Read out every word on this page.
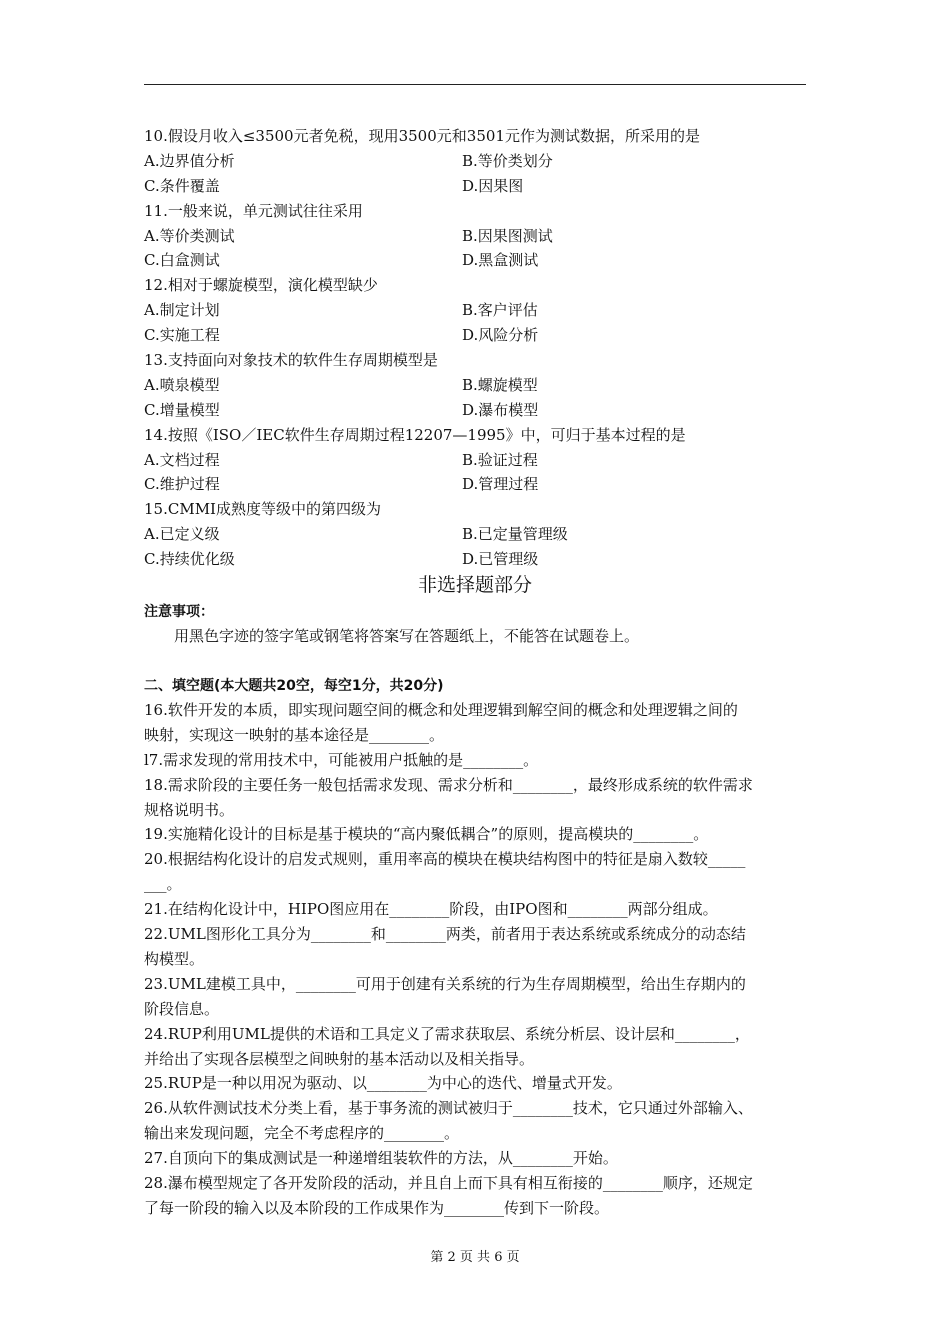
10.假设月收入≤3500元者免税，现用3500元和3501元作为测试数据，所采用的是
A.边界值分析	B.等价类划分
C.条件覆盖	D.因果图
11.一般来说，单元测试往往采用
A.等价类测试	B.因果图测试
C.白盒测试	D.黑盒测试
12.相对于螺旋模型，演化模型缺少
A.制定计划	B.客户评估
C.实施工程	D.风险分析
13.支持面向对象技术的软件生存周期模型是
A.喷泉模型	B.螺旋模型
C.增量模型	D.瀑布模型
14.按照《ISO／IEC软件生存周期过程12207—1995》中，可归于基本过程的是
A.文档过程	B.验证过程
C.维护过程	D.管理过程
15.CMMI成熟度等级中的第四级为
A.已定义级	B.已定量管理级
C.持续优化级	D.已管理级
非选择题部分
注意事项：
用黑色字迹的签字笔或钢笔将答案写在答题纸上，不能答在试题卷上。
二、填空题(本大题共20空，每空1分，共20分)
16.软件开发的本质，即实现问题空间的概念和处理逻辑到解空间的概念和处理逻辑之间的
映射，实现这一映射的基本途径是________。
l7.需求发现的常用技术中，可能被用户抵触的是________。
18.需求阶段的主要任务一般包括需求发现、需求分析和________，最终形成系统的软件需求
规格说明书。
19.实施精化设计的目标是基于模块的“高内聚低耦合”的原则，提高模块的________。
20.根据结构化设计的启发式规则，重用率高的模块在模块结构图中的特征是扇入数较_____
___。
21.在结构化设计中，HIPO图应用在________阶段，由IPO图和________两部分组成。
22.UML图形化工具分为________和________两类，前者用于表达系统或系统成分的动态结
构模型。
23.UML建模工具中，________可用于创建有关系统的行为生存周期模型，给出生存期内的
阶段信息。
24.RUP利用UML提供的术语和工具定义了需求获取层、系统分析层、设计层和________，
并给出了实现各层模型之间映射的基本活动以及相关指导。
25.RUP是一种以用况为驱动、以________为中心的迭代、增量式开发。
26.从软件测试技术分类上看，基于事务流的测试被归于________技术，它只通过外部输入、
输出来发现问题，完全不考虑程序的________。
27.自顶向下的集成测试是一种递增组装软件的方法，从________开始。
28.瀑布模型规定了各开发阶段的活动，并且自上而下具有相互衔接的________顺序，还规定
了每一阶段的输入以及本阶段的工作成果作为________传到下一阶段。
第 2 页 共 6 页
